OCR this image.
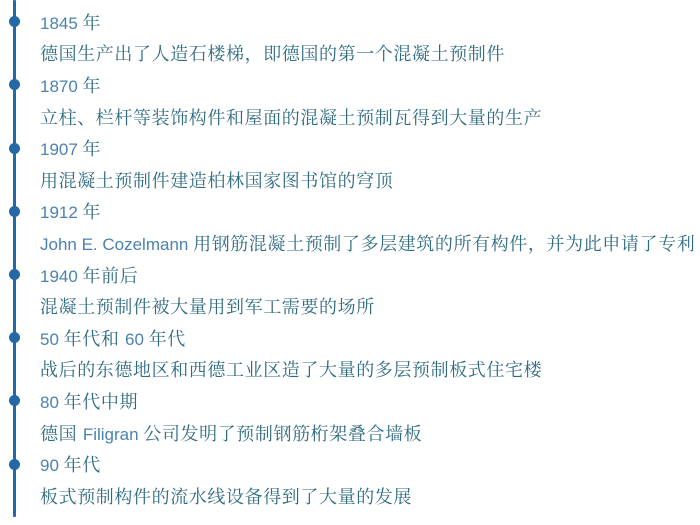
1845 年
德国生产出了人造石楼梯，即德国的第一个混凝土预制件
1870 年
立柱、栏杆等装饰构件和屋面的混凝土预制瓦得到大量的生产
1907 年
用混凝土预制件建造柏林国家图书馆的穹顶
1912 年
John E. Cozelmann 用钢筋混凝土预制了多层建筑的所有构件，并为此申请了专利
1940 年前后
混凝土预制件被大量用到军工需要的场所
50 年代和 60 年代
战后的东德地区和西德工业区造了大量的多层预制板式住宅楼
80 年代中期
德国 Filigran 公司发明了预制钢筋桁架叠合墙板
90 年代
板式预制构件的流水线设备得到了大量的发展
